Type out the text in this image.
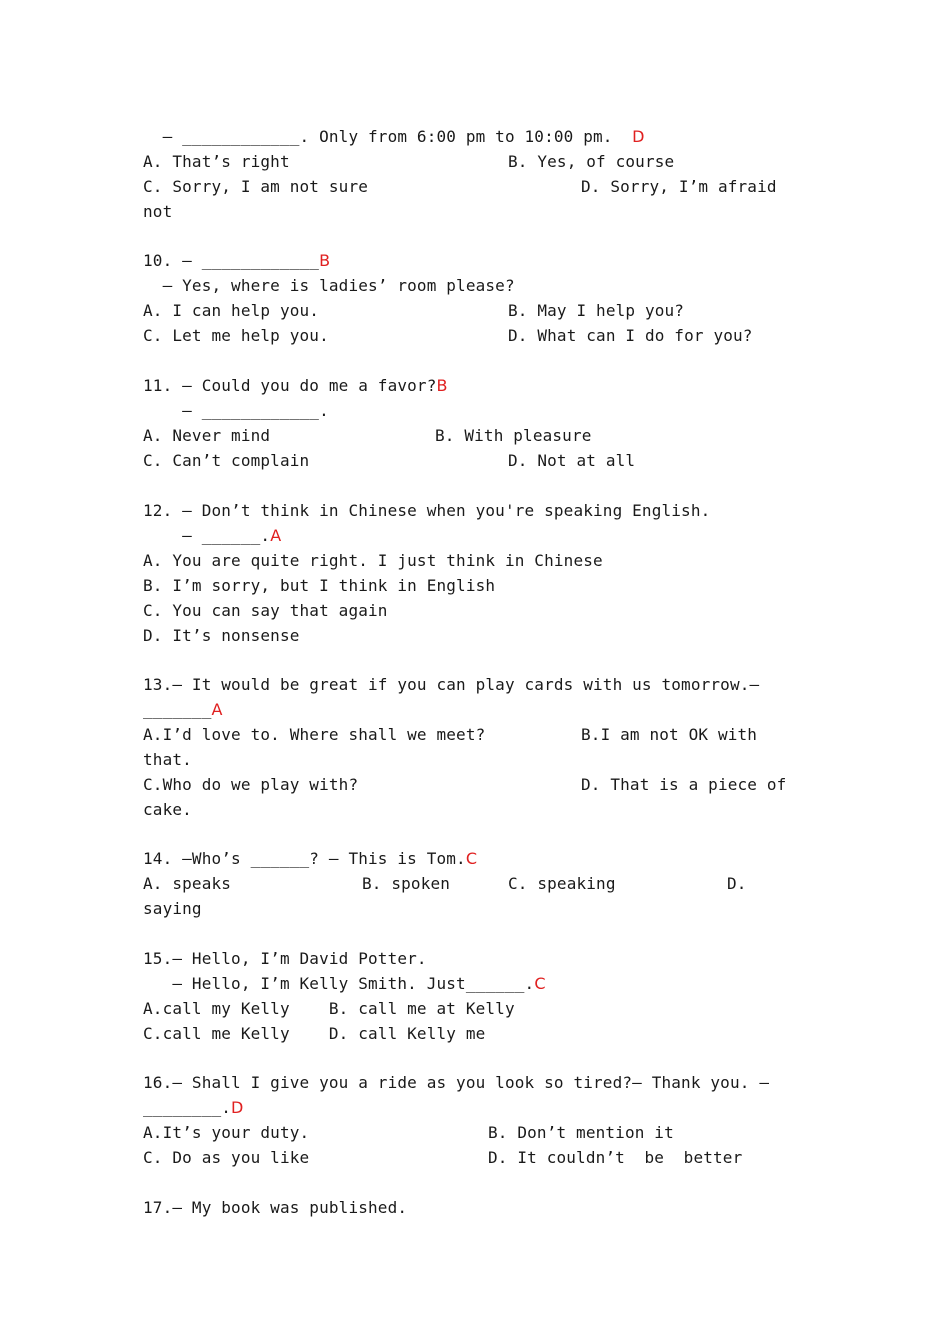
— ____________. Only from 6:00 pm to 10:00 pm.  D
A. That’s right	B. Yes, of course
C. Sorry, I am not sure	D. Sorry, I’m afraid
not
10. — ____________B
— Yes, where is ladies’ room please?
A. I can help you.	B. May I help you?
C. Let me help you.	D. What can I do for you?
11. — Could you do me a favor?B
— ____________.
A. Never mind	B. With pleasure
C. Can’t complain	D. Not at all
12. — Don’t think in Chinese when you're speaking English.
— ______.A
A. You are quite right. I just think in Chinese
B. I’m sorry, but I think in English
C. You can say that again
D. It’s nonsense
13.— It would be great if you can play cards with us tomorrow.—
_______A
A.I’d love to. Where shall we meet?	B.I am not OK with
that.
C.Who do we play with?	D. That is a piece of
cake.
14. —Who’s ______? — This is Tom.C
A. speaks	B. spoken	C. speaking	D.
saying
15.— Hello, I’m David Potter.
— Hello, I’m Kelly Smith. Just______.C
A.call my Kelly    B. call me at Kelly
C.call me Kelly    D. call Kelly me
16.— Shall I give you a ride as you look so tired?— Thank you. —
________.D
A.It’s your duty.	B. Don’t mention it
C. Do as you like	D. It couldn’t  be  better
17.— My book was published.
